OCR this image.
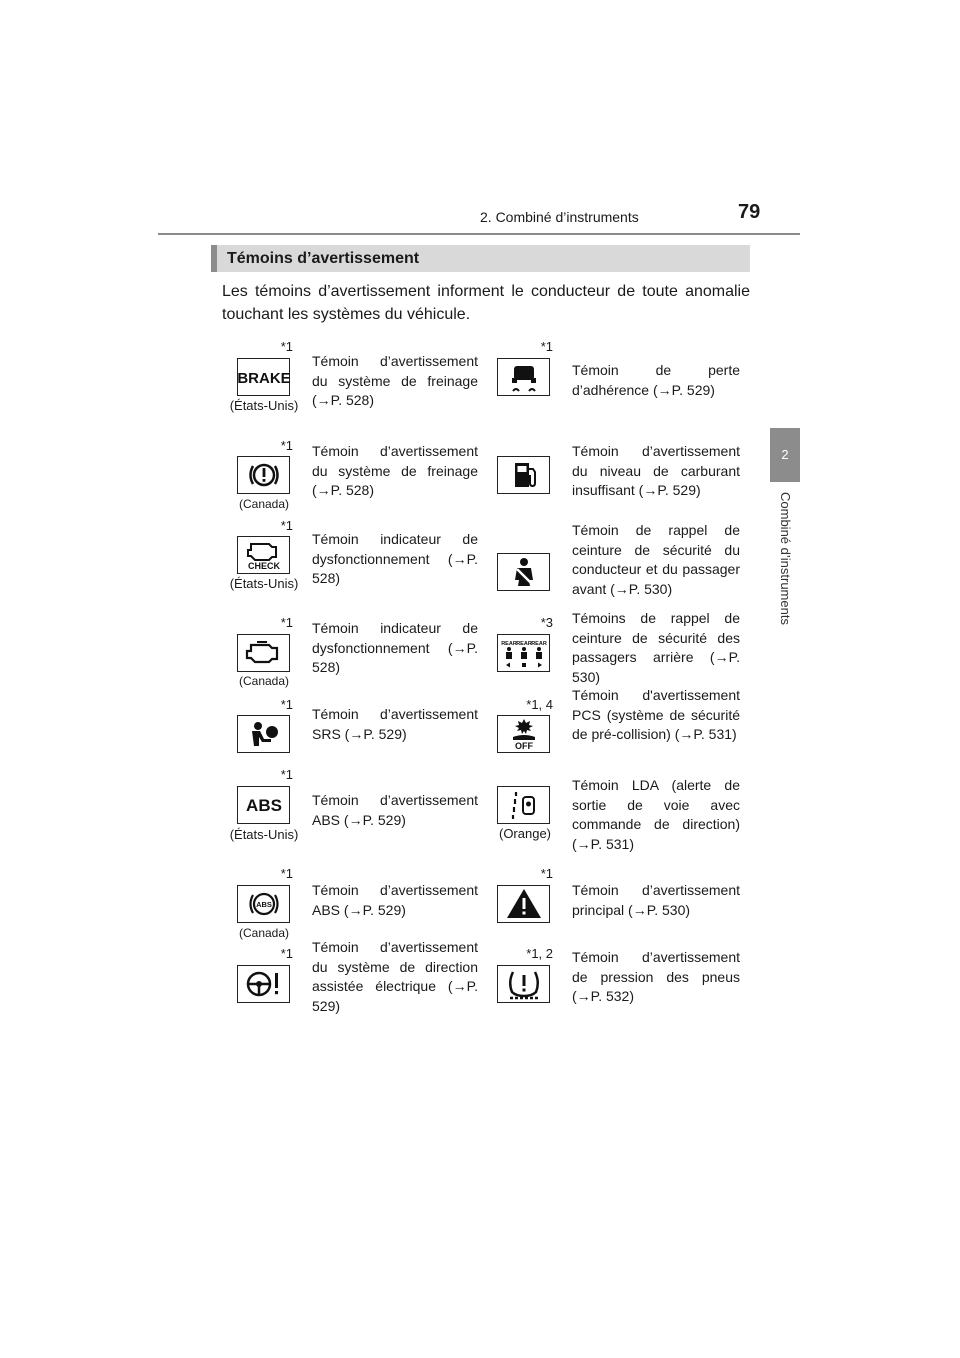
2. Combiné d’instruments	79
2
Combiné d’instruments
Témoins d’avertissement

Les témoins d’avertissement informent le conducteur de toute anomalie touchant les systèmes du véhicule.

*1
BRAKE
(États-Unis)

Témoin d’avertissement du système de freinage (→P. 528)

*1
(Canada)

Témoin d’avertissement du système de freinage (→P. 528)

*1
CHECK
(États-Unis)

Témoin indicateur de dysfonctionnement (→P. 528)

*1
(Canada)

Témoin indicateur de dysfonctionnement (→P. 528)

*1

Témoin d’avertissement SRS (→P. 529)

*1
ABS
(États-Unis)

Témoin d’avertissement ABS (→P. 529)

*1
ABS
(Canada)

Témoin d’avertissement ABS (→P. 529)

*1 Témoin d’avertissement du système de direction assistée électrique (→P. 529)

*1

Témoin de perte d’adhérence (→P. 529)

Témoin d’avertissement du niveau de carburant insuffisant (→P. 529)

Témoin de rappel de ceinture de sécurité du conducteur et du passager avant (→P. 530)

*3
REAR REAR REAR

Témoins de rappel de ceinture de sécurité des passagers arrière (→P. 530)

*1, 4
OFF

Témoin d'avertissement PCS (système de sécurité de pré-collision) (→P. 531)

(Orange)

Témoin LDA (alerte de sortie de voie avec commande de direction) (→P. 531)

*1

Témoin d’avertissement principal (→P. 530)

*1, 2 Témoin d’avertissement de pression des pneus (→P. 532)
